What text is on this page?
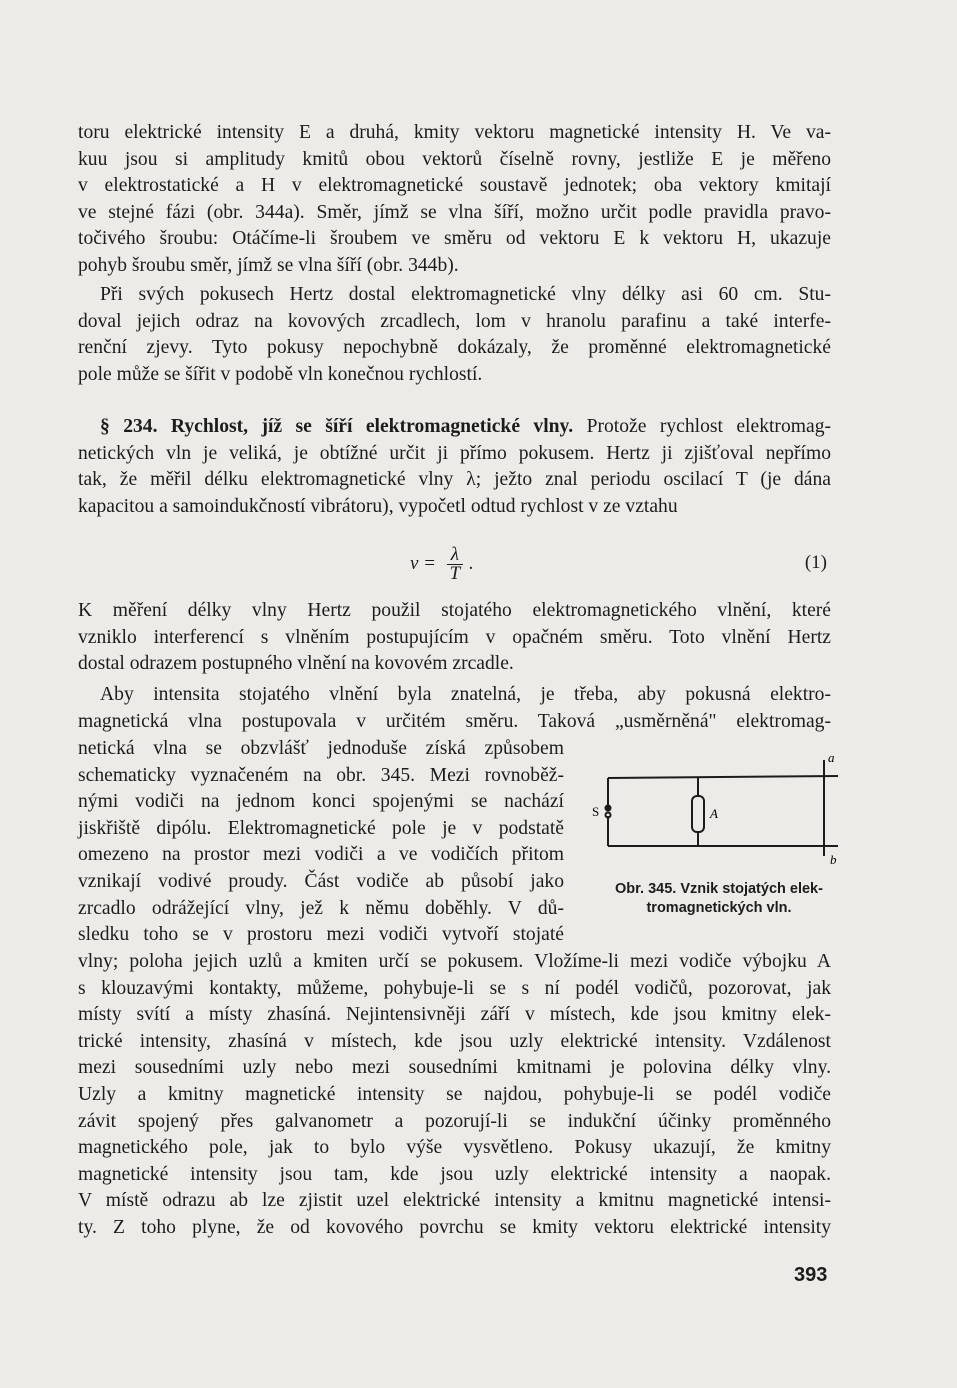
toru elektrické intensity E a druhá, kmity vektoru magnetické intensity H. Ve va-
kuu jsou si amplitudy kmitů obou vektorů číselně rovny, jestliže E je měřeno
v elektrostatické a H v elektromagnetické soustavě jednotek; oba vektory kmitají
ve stejné fázi (obr. 344a). Směr, jímž se vlna šíří, možno určit podle pravidla pravo-
točivého šroubu: Otáčíme-li šroubem ve směru od vektoru E k vektoru H, ukazuje
pohyb šroubu směr, jímž se vlna šíří (obr. 344b).
Při svých pokusech Hertz dostal elektromagnetické vlny délky asi 60 cm. Stu-
doval jejich odraz na kovových zrcadlech, lom v hranolu parafinu a také interfe-
renční zjevy. Tyto pokusy nepochybně dokázaly, že proměnné elektromagnetické
pole může se šířit v podobě vln konečnou rychlostí.
§ 234. Rychlost, jíž se šíří elektromagnetické vlny. Protože rychlost elektromag-
netických vln je veliká, je obtížné určit ji přímo pokusem. Hertz ji zjišťoval nepřímo
tak, že měřil délku elektromagnetické vlny λ; ježto znal periodu oscilací T (je dána
kapacitou a samoindukčností vibrátoru), vypočetl odtud rychlost v ze vztahu
$v = \frac{\lambda}{T}$ .	(1)
K měření délky vlny Hertz použil stojatého elektromagnetického vlnění, které
vzniklo interferencí s vlněním postupujícím v opačném směru. Toto vlnění Hertz
dostal odrazem postupného vlnění na kovovém zrcadle.
Aby intensita stojatého vlnění byla znatelná, je třeba, aby pokusná elektro-
magnetická vlna postupovala v určitém směru. Taková „usměrněná" elektromag-
netická vlna se obzvlášť jednoduše získá způsobem
schematicky vyznačeném na obr. 345. Mezi rovnoběž-
nými vodiči na jednom konci spojenými se nachází
jiskřiště dipólu. Elektromagnetické pole je v podstatě
omezeno na prostor mezi vodiči a ve vodičích přitom
vznikají vodivé proudy. Část vodiče ab působí jako
zrcadlo odrážející vlny, jež k němu doběhly. V dů-
sledku toho se v prostoru mezi vodiči vytvoří stojaté
S	A
a
b
Obr. 345. Vznik stojatých elek-
tromagnetických vln.
vlny; poloha jejich uzlů a kmiten určí se pokusem. Vložíme-li mezi vodiče výbojku A
s klouzavými kontakty, můžeme, pohybuje-li se s ní podél vodičů, pozorovat, jak
místy svítí a místy zhasíná. Nejintensivněji září v místech, kde jsou kmitny elek-
trické intensity, zhasíná v místech, kde jsou uzly elektrické intensity. Vzdálenost
mezi sousedními uzly nebo mezi sousedními kmitnami je polovina délky vlny.
Uzly a kmitny magnetické intensity se najdou, pohybuje-li se podél vodiče
závit spojený přes galvanometr a pozorují-li se indukční účinky proměnného
magnetického pole, jak to bylo výše vysvětleno. Pokusy ukazují, že kmitny
magnetické intensity jsou tam, kde jsou uzly elektrické intensity a naopak.
V místě odrazu ab lze zjistit uzel elektrické intensity a kmitnu magnetické intensi-
ty. Z toho plyne, že od kovového povrchu se kmity vektoru elektrické intensity
393
